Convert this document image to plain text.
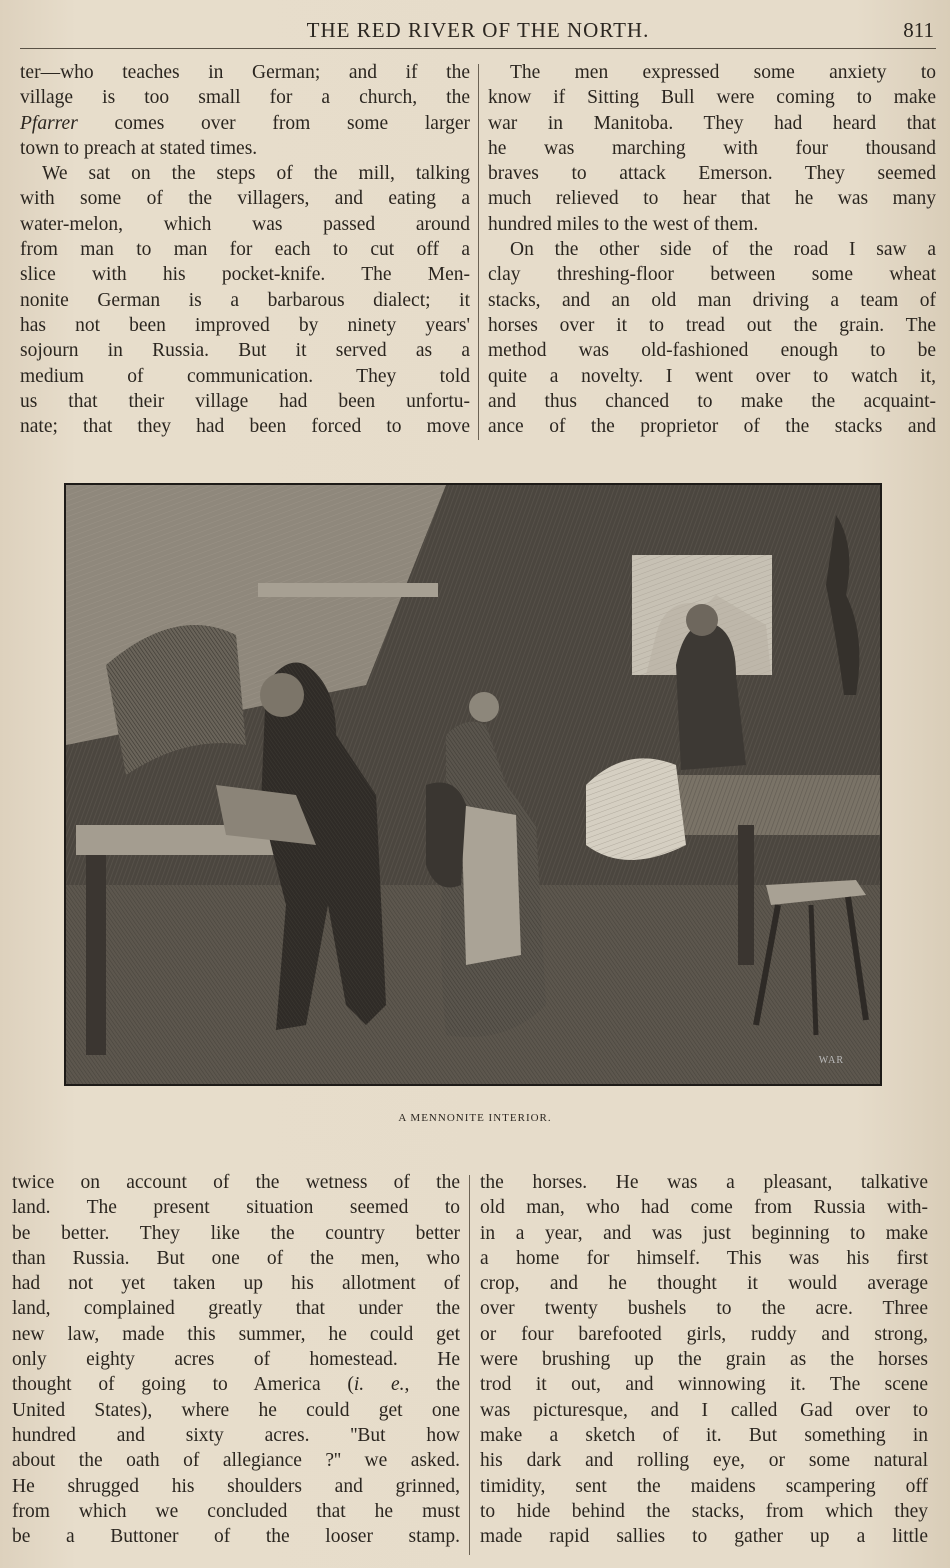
THE RED RIVER OF THE NORTH.	811
ter—who teaches in German; and if the
village is too small for a church, the
Pfarrer comes over from some larger
town to preach at stated times.
We sat on the steps of the mill, talking
with some of the villagers, and eating a
water-melon, which was passed around
from man to man for each to cut off a
slice with his pocket-knife. The Men-
nonite German is a barbarous dialect; it
has not been improved by ninety years'
sojourn in Russia. But it served as a
medium of communication. They told
us that their village had been unfortu-
nate; that they had been forced to move
The men expressed some anxiety to
know if Sitting Bull were coming to make
war in Manitoba. They had heard that
he was marching with four thousand
braves to attack Emerson. They seemed
much relieved to hear that he was many
hundred miles to the west of them.
On the other side of the road I saw a
clay threshing-floor between some wheat
stacks, and an old man driving a team of
horses over it to tread out the grain. The
method was old-fashioned enough to be
quite a novelty. I went over to watch it,
and thus chanced to make the acquaint-
ance of the proprietor of the stacks and
WAR
A MENNONITE INTERIOR.
twice on account of the wetness of the
land. The present situation seemed to
be better. They like the country better
than Russia. But one of the men, who
had not yet taken up his allotment of
land, complained greatly that under the
new law, made this summer, he could get
only eighty acres of homestead. He
thought of going to America (i. e., the
United States), where he could get one
hundred and sixty acres. ''But how
about the oath of allegiance ?'' we asked.
He shrugged his shoulders and grinned,
from which we concluded that he must
be a Buttoner of the looser stamp.
the horses. He was a pleasant, talkative
old man, who had come from Russia with-
in a year, and was just beginning to make
a home for himself. This was his first
crop, and he thought it would average
over twenty bushels to the acre. Three
or four barefooted girls, ruddy and strong,
were brushing up the grain as the horses
trod it out, and winnowing it. The scene
was picturesque, and I called Gad over to
make a sketch of it. But something in
his dark and rolling eye, or some natural
timidity, sent the maidens scampering off
to hide behind the stacks, from which they
made rapid sallies to gather up a little
